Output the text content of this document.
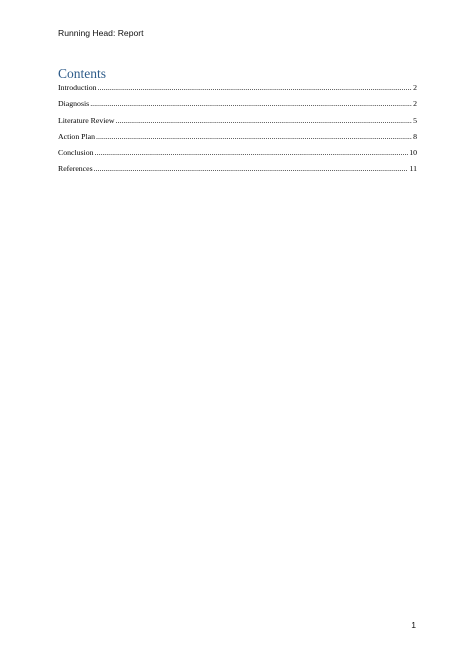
Running Head: Report
Contents
Introduction .....	2
Diagnosis .....	2
Literature Review .....	5
Action Plan .....	8
Conclusion .....	10
References .....	11
1
